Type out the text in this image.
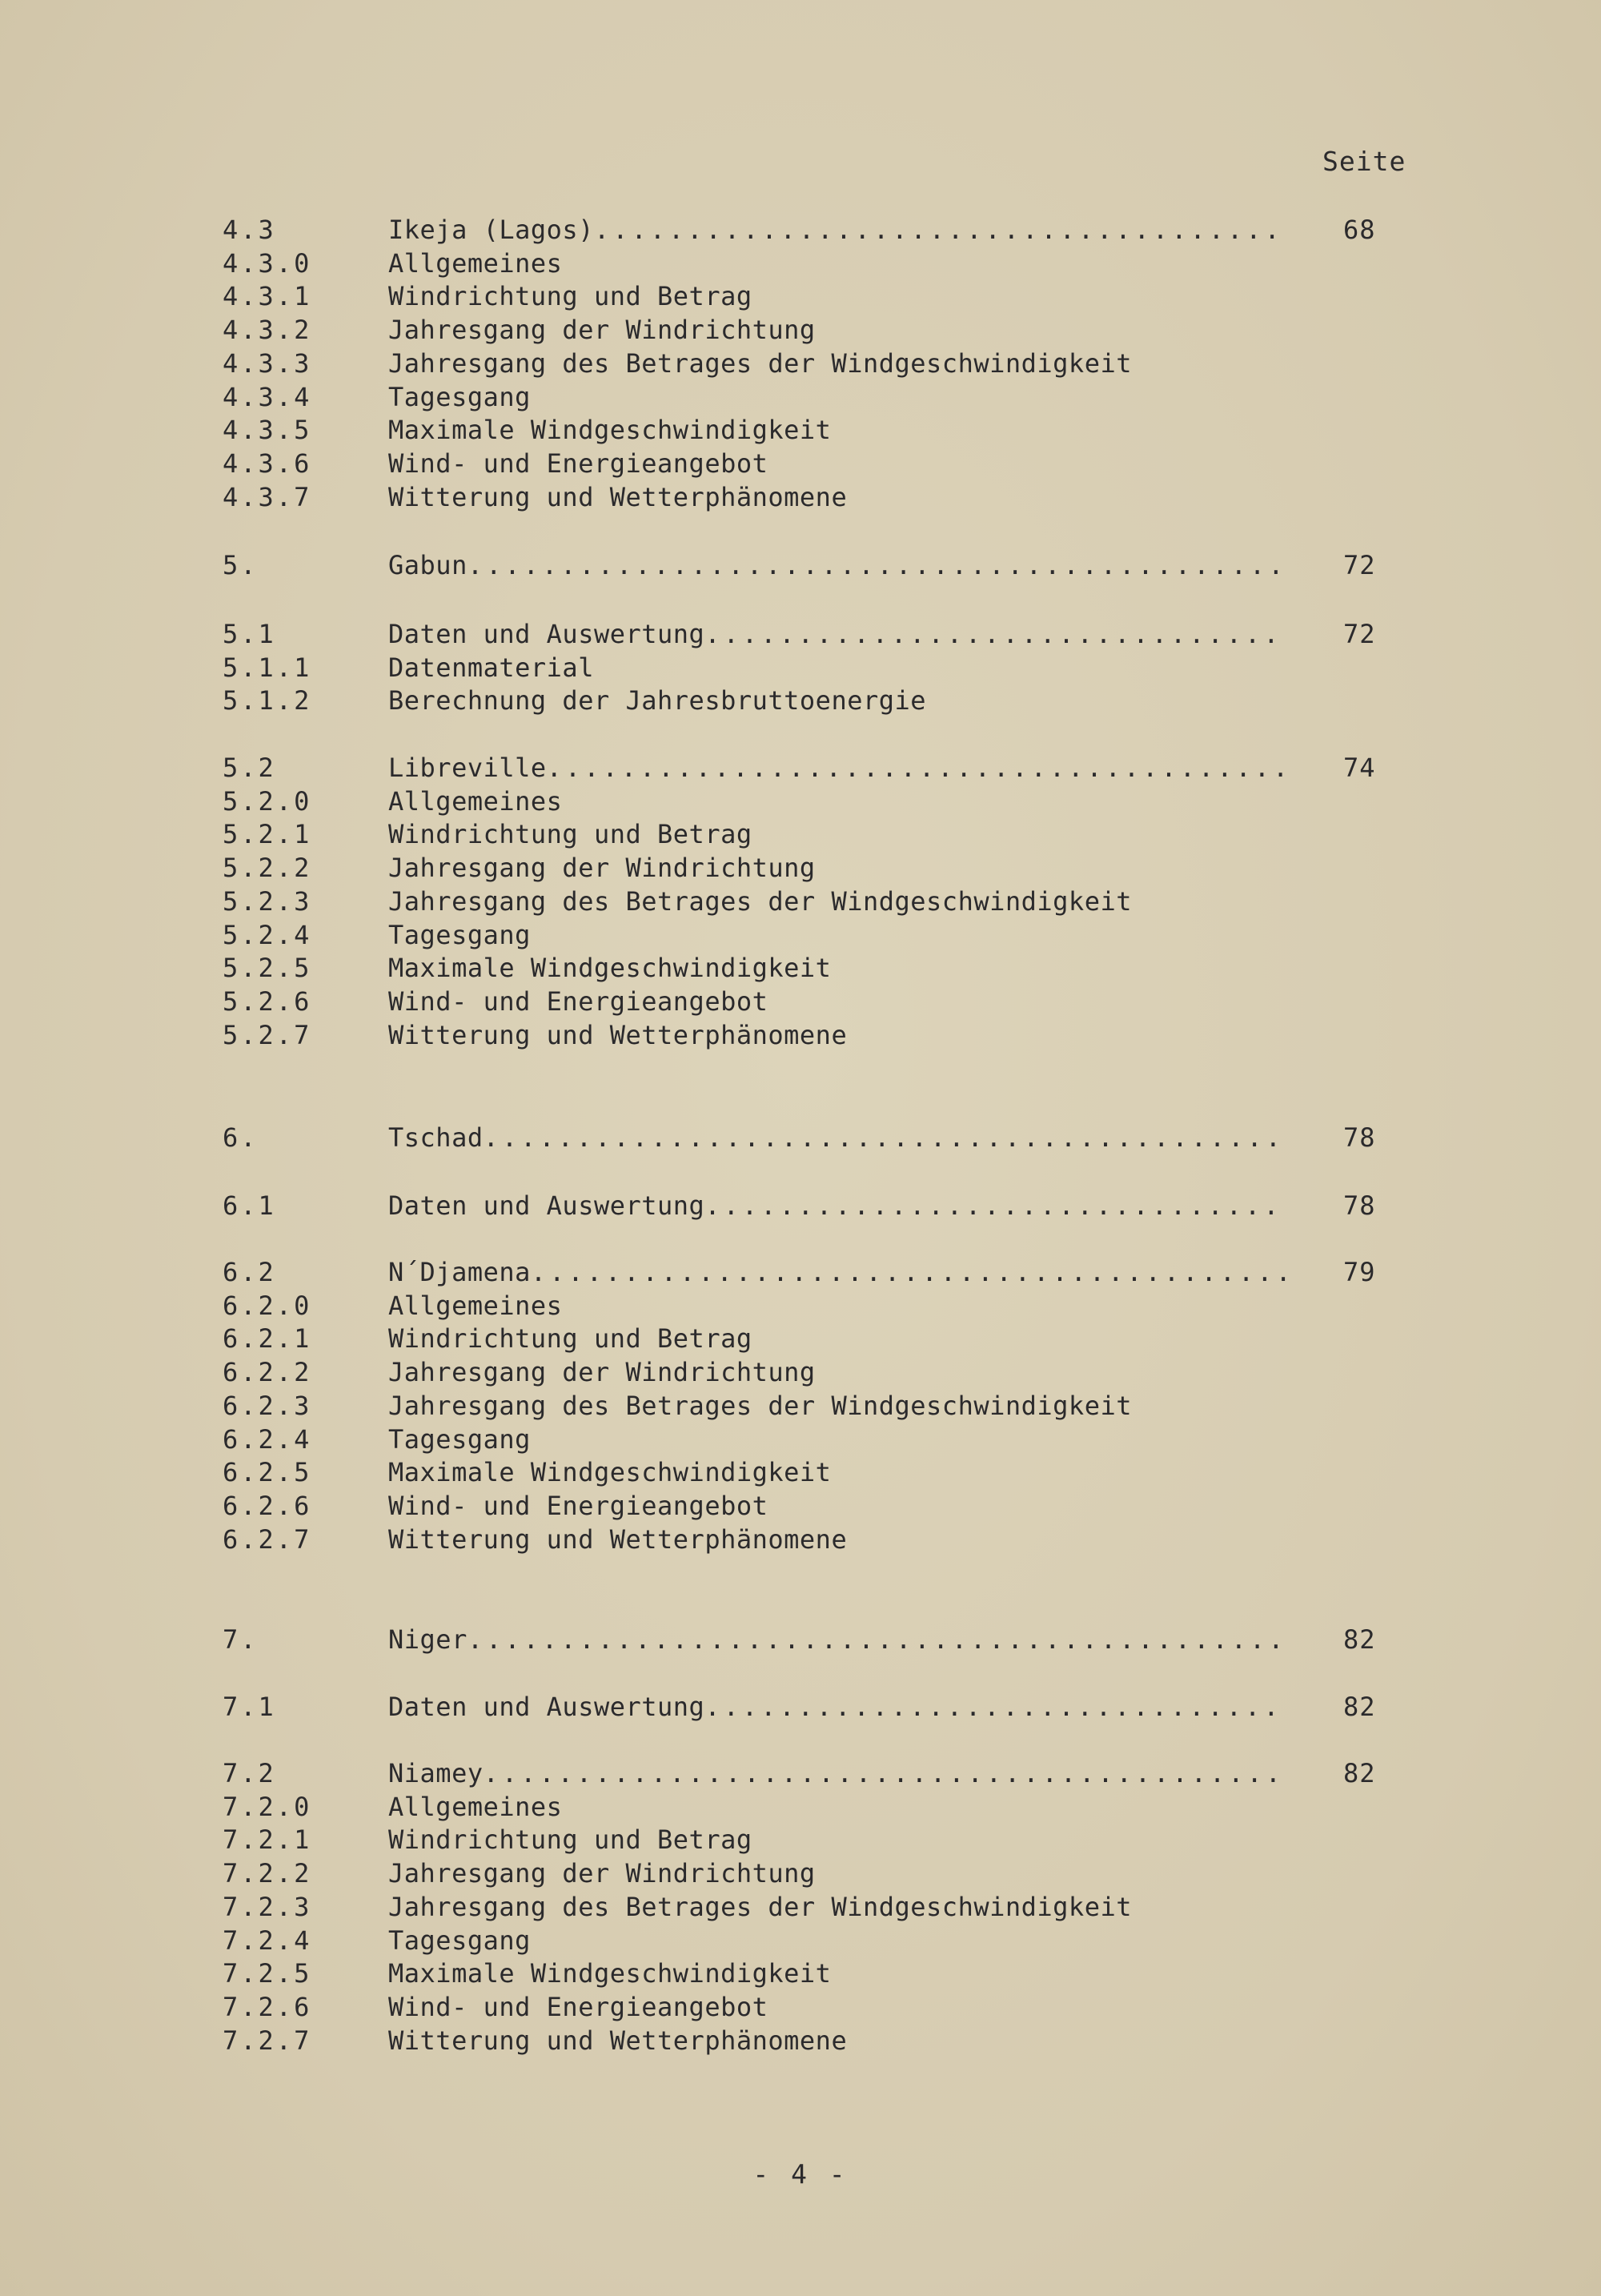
Seite
4.3	Ikeja (Lagos) .....	68
4.3.0	Allgemeines
4.3.1	Windrichtung und Betrag
4.3.2	Jahresgang der Windrichtung
4.3.3	Jahresgang des Betrages der Windgeschwindigkeit
4.3.4	Tagesgang
4.3.5	Maximale Windgeschwindigkeit
4.3.6	Wind- und Energieangebot
4.3.7	Witterung und Wetterphänomene
5.	Gabun .....	72
5.1	Daten und Auswertung .....	72
5.1.1	Datenmaterial
5.1.2	Berechnung der Jahresbruttoenergie
5.2	Libreville .....	74
5.2.0	Allgemeines
5.2.1	Windrichtung und Betrag
5.2.2	Jahresgang der Windrichtung
5.2.3	Jahresgang des Betrages der Windgeschwindigkeit
5.2.4	Tagesgang
5.2.5	Maximale Windgeschwindigkeit
5.2.6	Wind- und Energieangebot
5.2.7	Witterung und Wetterphänomene
6.	Tschad .....	78
6.1	Daten und Auswertung .....	78
6.2	N´Djamena .....	79
6.2.0	Allgemeines
6.2.1	Windrichtung und Betrag
6.2.2	Jahresgang der Windrichtung
6.2.3	Jahresgang des Betrages der Windgeschwindigkeit
6.2.4	Tagesgang
6.2.5	Maximale Windgeschwindigkeit
6.2.6	Wind- und Energieangebot
6.2.7	Witterung und Wetterphänomene
7.	Niger .....	82
7.1	Daten und Auswertung .....	82
7.2	Niamey .....	82
7.2.0	Allgemeines
7.2.1	Windrichtung und Betrag
7.2.2	Jahresgang der Windrichtung
7.2.3	Jahresgang des Betrages der Windgeschwindigkeit
7.2.4	Tagesgang
7.2.5	Maximale Windgeschwindigkeit
7.2.6	Wind- und Energieangebot
7.2.7	Witterung und Wetterphänomene
- 4 -
